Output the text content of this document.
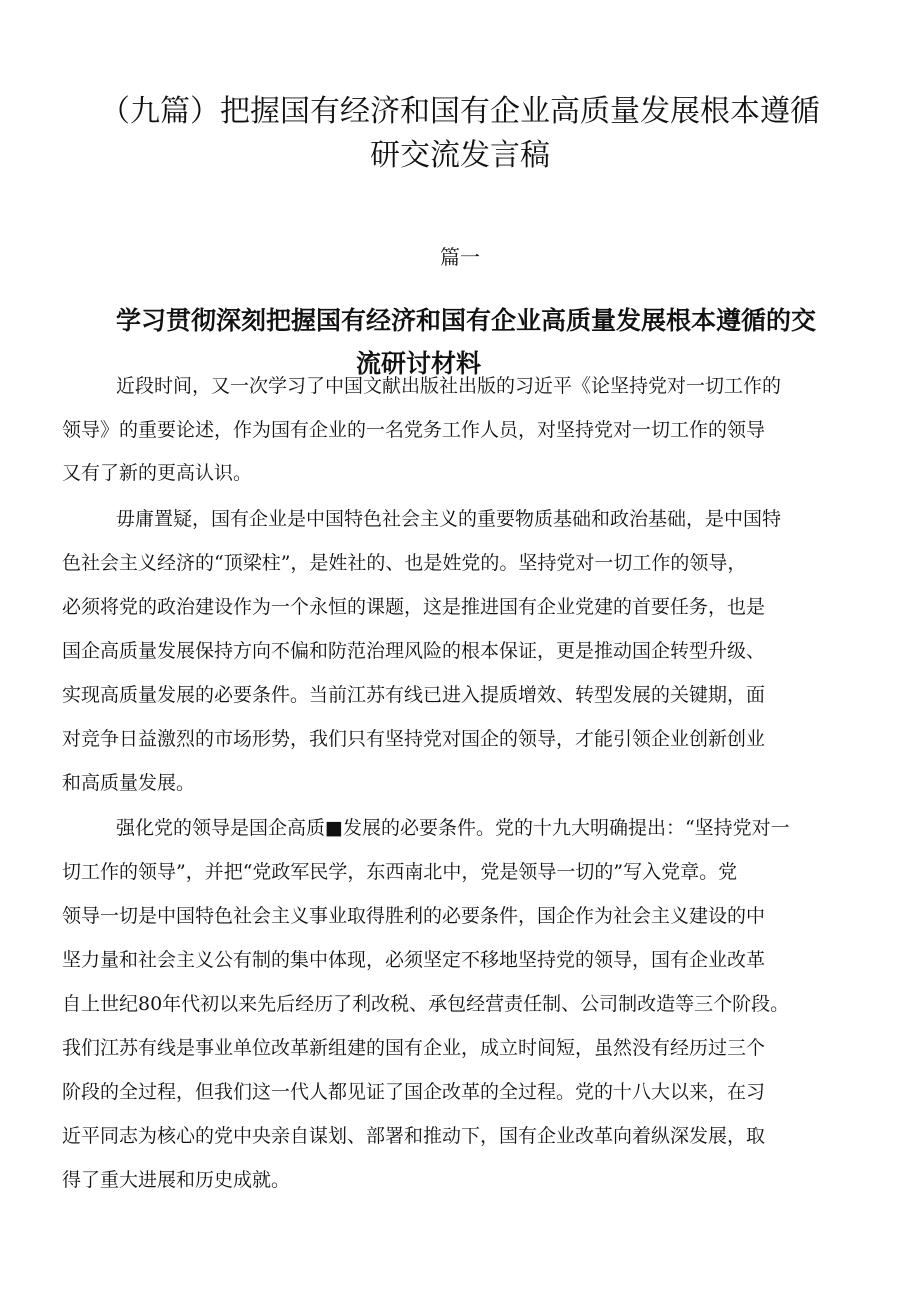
（九篇）把握国有经济和国有企业高质量发展根本遵循
研交流发言稿
篇一
学习贯彻深刻把握国有经济和国有企业高质量发展根本遵循的交
流研讨材料
近段时间，又一次学习了中国文献出版社出版的习近平《论坚持党对一切工作的
领导》的重要论述，作为国有企业的一名党务工作人员，对坚持党对一切工作的领导
又有了新的更高认识。
毋庸置疑，国有企业是中国特色社会主义的重要物质基础和政治基础，是中国特
色社会主义经济的“顶梁柱”，是姓社的、也是姓党的。坚持党对一切工作的领导，
必须将党的政治建设作为一个永恒的课题，这是推进国有企业党建的首要任务，也是
国企高质量发展保持方向不偏和防范治理风险的根本保证，更是推动国企转型升级、
实现高质量发展的必要条件。当前江苏有线已进入提质增效、转型发展的关键期，面
对竞争日益激烈的市场形势，我们只有坚持党对国企的领导，才能引领企业创新创业
和高质量发展。
强化党的领导是国企高质■发展的必要条件。党的十九大明确提出：“坚持党对一
切工作的领导”，并把“党政军民学，东西南北中，党是领导一切的”写入党章。党
领导一切是中国特色社会主义事业取得胜利的必要条件，国企作为社会主义建设的中
坚力量和社会主义公有制的集中体现，必须坚定不移地坚持党的领导，国有企业改革
自上世纪80年代初以来先后经历了利改税、承包经营责任制、公司制改造等三个阶段。
我们江苏有线是事业单位改革新组建的国有企业，成立时间短，虽然没有经历过三个
阶段的全过程，但我们这一代人都见证了国企改革的全过程。党的十八大以来，在习
近平同志为核心的党中央亲自谋划、部署和推动下，国有企业改革向着纵深发展，取
得了重大进展和历史成就。
